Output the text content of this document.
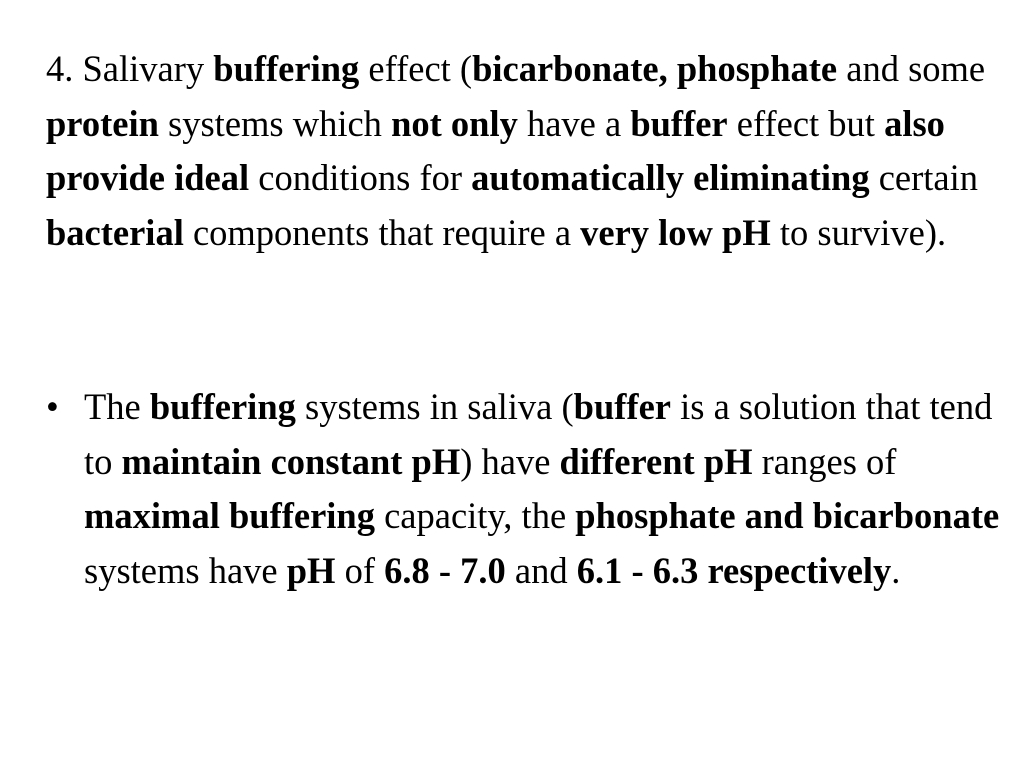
4. Salivary buffering effect (bicarbonate, phosphate and some protein systems which not only have a buffer effect but also provide ideal conditions for automatically eliminating certain bacterial components that require a very low pH to survive).

• The buffering systems in saliva (buffer is a solution that tend to maintain constant pH) have different pH ranges of maximal buffering capacity, the phosphate and bicarbonate systems have pH of 6.8 - 7.0 and 6.1 - 6.3 respectively.
